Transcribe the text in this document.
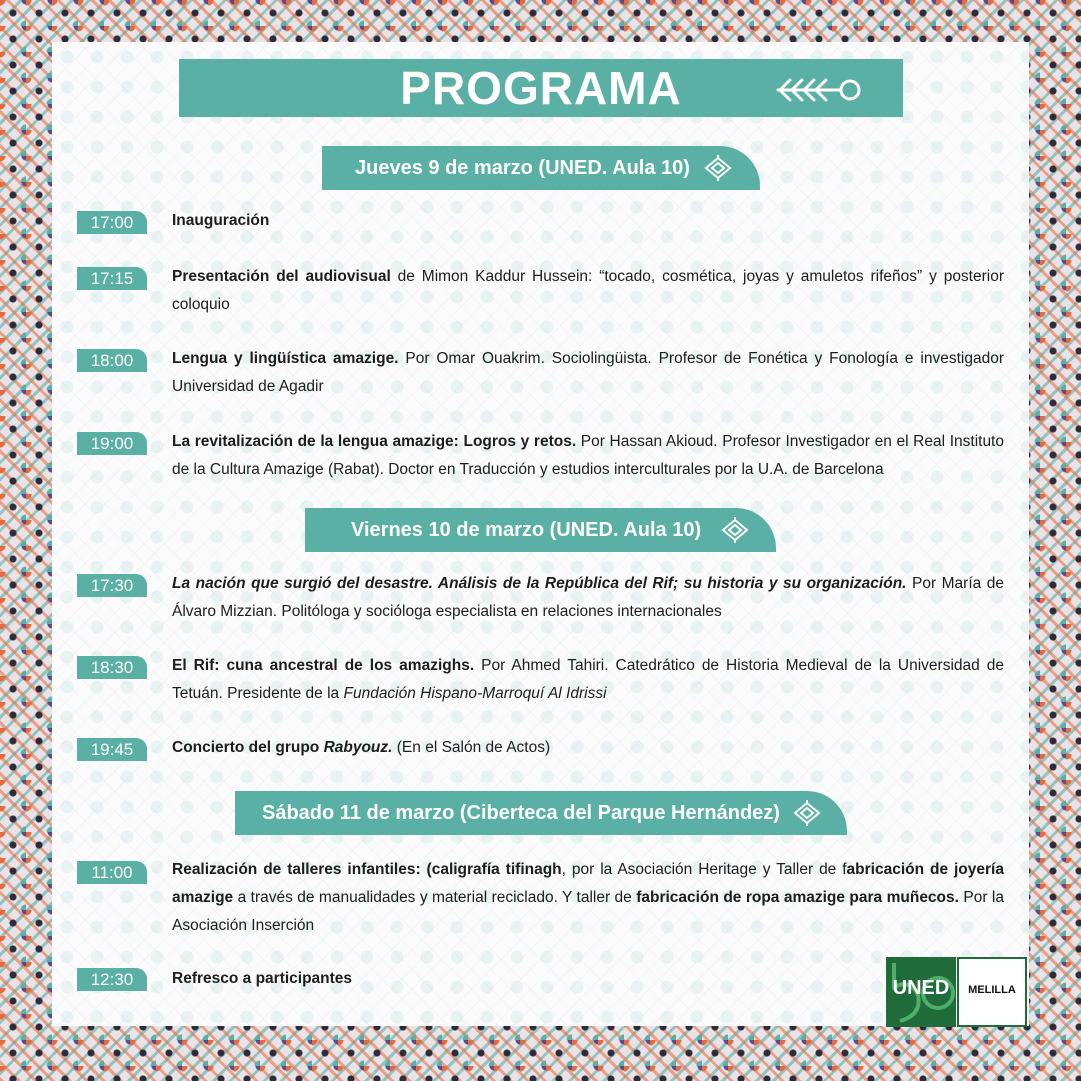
PROGRAMA
Jueves 9 de marzo (UNED. Aula 10)
17:00	Inauguración
17:15	Presentación del audiovisual de Mimon Kaddur Hussein: “tocado, cosmética, joyas y amuletos rifeños” y posterior coloquio
18:00	Lengua y lingüística amazige. Por Omar Ouakrim. Sociolingüista. Profesor de Fonética y Fonología e investigador Universidad de Agadir
19:00	La revitalización de la lengua amazige: Logros y retos. Por Hassan Akioud. Profesor Investigador en el Real Instituto de la Cultura Amazige (Rabat). Doctor en Traducción y estudios interculturales por la U.A. de Barcelona
Viernes 10 de marzo (UNED. Aula 10)
17:30	La nación que surgió del desastre. Análisis de la República del Rif; su historia y su organización. Por María de Álvaro Mizzian. Politóloga y socióloga especialista en relaciones internacionales
18:30	El Rif: cuna ancestral de los amazighs. Por Ahmed Tahiri. Catedrático de Historia Medieval de la Universidad de Tetuán. Presidente de la Fundación Hispano-Marroquí Al Idrissi
19:45	Concierto del grupo Rabyouz. (En el Salón de Actos)
Sábado 11 de marzo (Ciberteca del Parque Hernández)
11:00	Realización de talleres infantiles: (caligrafía tifinagh, por la Asociación Heritage y Taller de fabricación de joyería amazige a través de manualidades y material reciclado. Y taller de fabricación de ropa amazige para muñecos. Por la Asociación Inserción
12:30	Refresco a participantes	UNED	MELILLA
